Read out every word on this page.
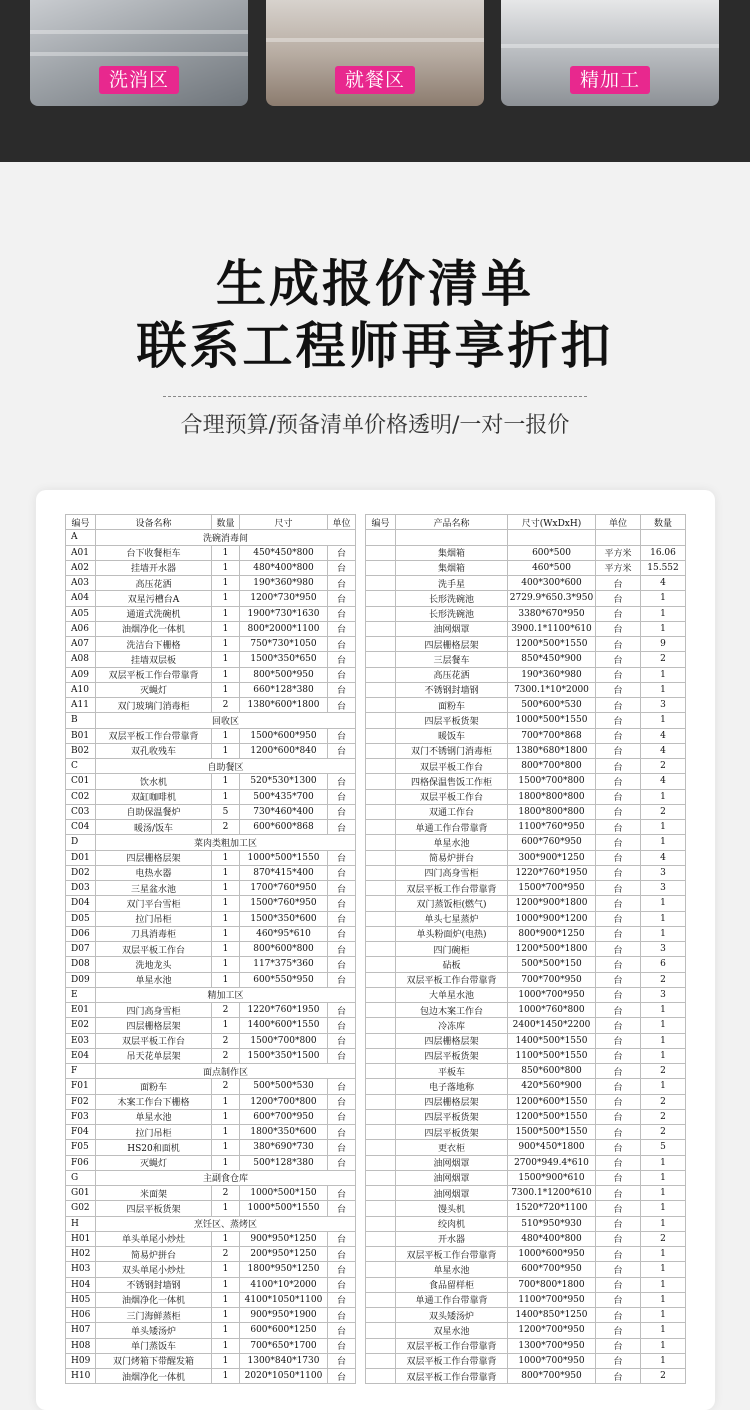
洗消区	就餐区	精加工
生成报价清单
联系工程师再享折扣
合理预算/预备清单价格透明/一对一报价
编号	设备名称	数量	尺寸	单位
A	洗碗消毒间			
A01	台下收餐柜车	1	450*450*800	台
A02	挂墙开水器	1	480*400*800	台
A03	高压花洒	1	190*360*980	台
A04	双星污槽台A	1	1200*730*950	台
A05	通道式洗碗机	1	1900*730*1630	台
A06	油烟净化一体机	1	800*2000*1100	台
A07	洗洁台下栅格	1	750*730*1050	台
A08	挂墙双层板	1	1500*350*650	台
A09	双层平板工作台带靠背	1	800*500*950	台
A10	灭蝇灯	1	660*128*380	台
A11	双门玻璃门消毒柜	2	1380*600*1800	台
B	回收区			
B01	双层平板工作台带靠背	1	1500*600*950	台
B02	双孔收残车	1	1200*600*840	台
C	自助餐区			
C01	饮水机	1	520*530*1300	台
C02	双缸咖啡机	1	500*435*700	台
C03	自助保温餐炉	5	730*460*400	台
C04	暖汤/饭车	2	600*600*868	台
D	菜肉类粗加工区			
D01	四层栅格层架	1	1000*500*1550	台
D02	电热水器	1	870*415*400	台
D03	三星盆水池	1	1700*760*950	台
D04	双门平台雪柜	1	1500*760*950	台
D05	拉门吊柜	1	1500*350*600	台
D06	刀具消毒柜	1	460*95*610	台
D07	双层平板工作台	1	800*600*800	台
D08	洗地龙头	1	117*375*360	台
D09	单星水池	1	600*550*950	台
E	精加工区			
E01	四门高身雪柜	2	1220*760*1950	台
E02	四层栅格层架	1	1400*600*1550	台
E03	双层平板工作台	2	1500*700*800	台
E04	吊天花单层架	2	1500*350*1500	台
F	面点制作区			
F01	面粉车	2	500*500*530	台
F02	木案工作台下栅格	1	1200*700*800	台
F03	单星水池	1	600*700*950	台
F04	拉门吊柜	1	1800*350*600	台
F05	HS20和面机	1	380*690*730	台
F06	灭蝇灯	1	500*128*380	台
G	主副食仓库			
G01	米面架	2	1000*500*150	台
G02	四层平板货架	1	1000*500*1550	台
H	烹饪区、蒸烤区			
H01	单头单尾小炒灶	1	900*950*1250	台
H02	简易炉拼台	2	200*950*1250	台
H03	双头单尾小炒灶	1	1800*950*1250	台
H04	不锈钢封墙钢	1	4100*10*2000	台
H05	油烟净化一体机	1	4100*1050*1100	台
H06	三门海鲜蒸柜	1	900*950*1900	台
H07	单头矮汤炉	1	600*600*1250	台
H08	单门蒸饭车	1	700*650*1700	台
H09	双门烤箱下带醒发箱	1	1300*840*1730	台
H10	油烟净化一体机	1	2020*1050*1100	台
编号	产品名称	尺寸(WxDxH)	单位	数量

	集烟箱	600*500	平方米	16.06
	集烟箱	460*500	平方米	15.552
	洗手星	400*300*600	台	4
	长形洗碗池	2729.9*650.3*950	台	1
	长形洗碗池	3380*670*950	台	1
	油网烟罩	3900.1*1100*610	台	1
	四层栅格层架	1200*500*1550	台	9
	三层餐车	850*450*900	台	2
	高压花洒	190*360*980	台	1
	不锈钢封墙钢	7300.1*10*2000	台	1
	面粉车	500*600*530	台	3
	四层平板货架	1000*500*1550	台	1
	暖饭车	700*700*868	台	4
	双门不锈钢门消毒柜	1380*680*1800	台	4
	双层平板工作台	800*700*800	台	2
	四格保温售饭工作柜	1500*700*800	台	4
	双层平板工作台	1800*800*800	台	1
	双通工作台	1800*800*800	台	2
	单通工作台带靠背	1100*760*950	台	1
	单星水池	600*760*950	台	1
	简易炉拼台	300*900*1250	台	4
	四门高身雪柜	1220*760*1950	台	3
	双层平板工作台带靠背	1500*700*950	台	3
	双门蒸饭柜(燃气)	1200*900*1800	台	1
	单头七星蒸炉	1000*900*1200	台	1
	单头粉面炉(电热)	800*900*1250	台	1
	四门碗柜	1200*500*1800	台	3
	砧板	500*500*150	台	6
	双层平板工作台带靠背	700*700*950	台	2
	大单星水池	1000*700*950	台	3
	包边木案工作台	1000*760*800	台	1
	冷冻库	2400*1450*2200	台	1
	四层栅格层架	1400*500*1550	台	1
	四层平板货架	1100*500*1550	台	1
	平板车	850*600*800	台	2
	电子落地称	420*560*900	台	1
	四层栅格层架	1200*600*1550	台	2
	四层平板货架	1200*500*1550	台	2
	四层平板货架	1500*500*1550	台	2
	更衣柜	900*450*1800	台	5
	油网烟罩	2700*949.4*610	台	1
	油网烟罩	1500*900*610	台	1
	油网烟罩	7300.1*1200*610	台	1
	馒头机	1520*720*1100	台	1
	绞肉机	510*950*930	台	1
	开水器	480*400*800	台	2
	双层平板工作台带靠背	1000*600*950	台	1
	单星水池	600*700*950	台	1
	食品留样柜	700*800*1800	台	1
	单通工作台带靠背	1100*700*950	台	1
	双头矮汤炉	1400*850*1250	台	1
	双星水池	1200*700*950	台	1
	双层平板工作台带靠背	1300*700*950	台	1
	双层平板工作台带靠背	1000*700*950	台	1
	双层平板工作台带靠背	800*700*950	台	2
